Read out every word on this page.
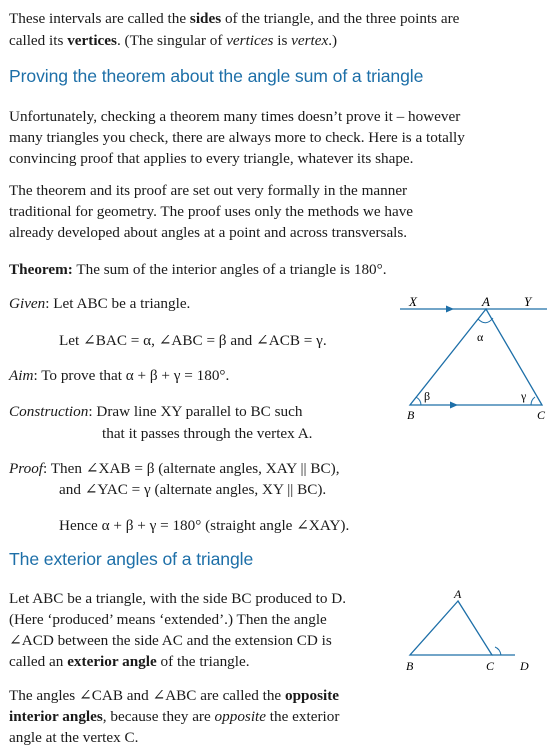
These intervals are called the sides of the triangle, and the three points are

called its vertices. (The singular of vertices is vertex.)

Proving the theorem about the angle sum of a triangle

Unfortunately, checking a theorem many times doesn’t prove it – however

many triangles you check, there are always more to check. Here is a totally

convincing proof that applies to every triangle, whatever its shape.

The theorem and its proof are set out very formally in the manner

traditional for geometry. The proof uses only the methods we have

already developed about angles at a point and across transversals.

Theorem: The sum of the interior angles of a triangle is 180°.

Given: Let ABC be a triangle.

Let ∠BAC = α, ∠ABC = β and ∠ACB = γ.

Aim: To prove that α + β + γ = 180°.

Construction: Draw line XY parallel to BC such

that it passes through the vertex A.

Proof: Then ∠XAB = β (alternate angles, XAY || BC),

and ∠YAC = γ (alternate angles, XY || BC).

Hence α + β + γ = 180° (straight angle ∠XAY).

The exterior angles of a triangle

Let ABC be a triangle, with the side BC produced to D.

(Here ‘produced’ means ‘extended’.) Then the angle

∠ACD between the side AC and the extension CD is

called an exterior angle of the triangle.

The angles ∠CAB and ∠ABC are called the opposite

interior angles, because they are opposite the exterior

angle at the vertex C.

X	A	Y
α
β	γ
B	C
A
B	C D
